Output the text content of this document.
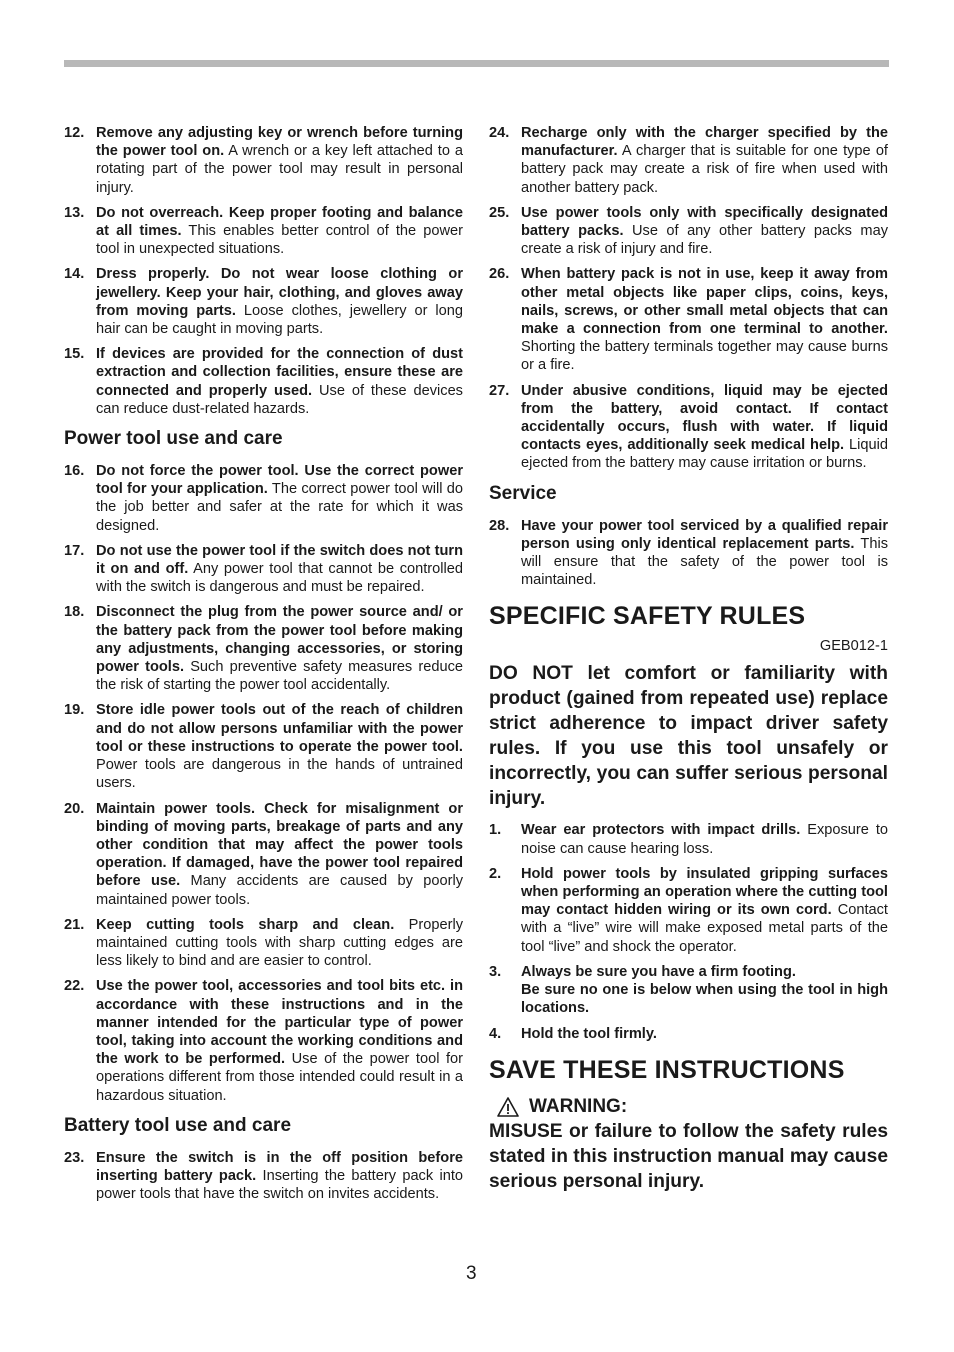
12. Remove any adjusting key or wrench before turning the power tool on. A wrench or a key left attached to a rotating part of the power tool may result in personal injury.
13. Do not overreach. Keep proper footing and balance at all times. This enables better control of the power tool in unexpected situations.
14. Dress properly. Do not wear loose clothing or jewellery. Keep your hair, clothing, and gloves away from moving parts. Loose clothes, jewellery or long hair can be caught in moving parts.
15. If devices are provided for the connection of dust extraction and collection facilities, ensure these are connected and properly used. Use of these devices can reduce dust-related hazards.
Power tool use and care
16. Do not force the power tool. Use the correct power tool for your application. The correct power tool will do the job better and safer at the rate for which it was designed.
17. Do not use the power tool if the switch does not turn it on and off. Any power tool that cannot be controlled with the switch is dangerous and must be repaired.
18. Disconnect the plug from the power source and/ or the battery pack from the power tool before making any adjustments, changing accessories, or storing power tools. Such preventive safety measures reduce the risk of starting the power tool accidentally.
19. Store idle power tools out of the reach of children and do not allow persons unfamiliar with the power tool or these instructions to operate the power tool. Power tools are dangerous in the hands of untrained users.
20. Maintain power tools. Check for misalignment or binding of moving parts, breakage of parts and any other condition that may affect the power tools operation. If damaged, have the power tool repaired before use. Many accidents are caused by poorly maintained power tools.
21. Keep cutting tools sharp and clean. Properly maintained cutting tools with sharp cutting edges are less likely to bind and are easier to control.
22. Use the power tool, accessories and tool bits etc. in accordance with these instructions and in the manner intended for the particular type of power tool, taking into account the working conditions and the work to be performed. Use of the power tool for operations different from those intended could result in a hazardous situation.
Battery tool use and care
23. Ensure the switch is in the off position before inserting battery pack. Inserting the battery pack into power tools that have the switch on invites accidents.
24. Recharge only with the charger specified by the manufacturer. A charger that is suitable for one type of battery pack may create a risk of fire when used with another battery pack.
25. Use power tools only with specifically designated battery packs. Use of any other battery packs may create a risk of injury and fire.
26. When battery pack is not in use, keep it away from other metal objects like paper clips, coins, keys, nails, screws, or other small metal objects that can make a connection from one terminal to another. Shorting the battery terminals together may cause burns or a fire.
27. Under abusive conditions, liquid may be ejected from the battery, avoid contact. If contact accidentally occurs, flush with water. If liquid contacts eyes, additionally seek medical help. Liquid ejected from the battery may cause irritation or burns.
Service
28. Have your power tool serviced by a qualified repair person using only identical replacement parts. This will ensure that the safety of the power tool is maintained.
SPECIFIC SAFETY RULES
GEB012-1
DO NOT let comfort or familiarity with product (gained from repeated use) replace strict adherence to impact driver safety rules. If you use this tool unsafely or incorrectly, you can suffer serious personal injury.
1.	Wear ear protectors with impact drills. Exposure to noise can cause hearing loss.
2.	Hold power tools by insulated gripping surfaces when performing an operation where the cutting tool may contact hidden wiring or its own cord. Contact with a “live” wire will make exposed metal parts of the tool “live” and shock the operator.
3.	Always be sure you have a firm footing.
Be sure no one is below when using the tool in high locations.
4.	Hold the tool firmly.
SAVE THESE INSTRUCTIONS
WARNING:
MISUSE or failure to follow the safety rules stated in this instruction manual may cause serious personal injury.
3
